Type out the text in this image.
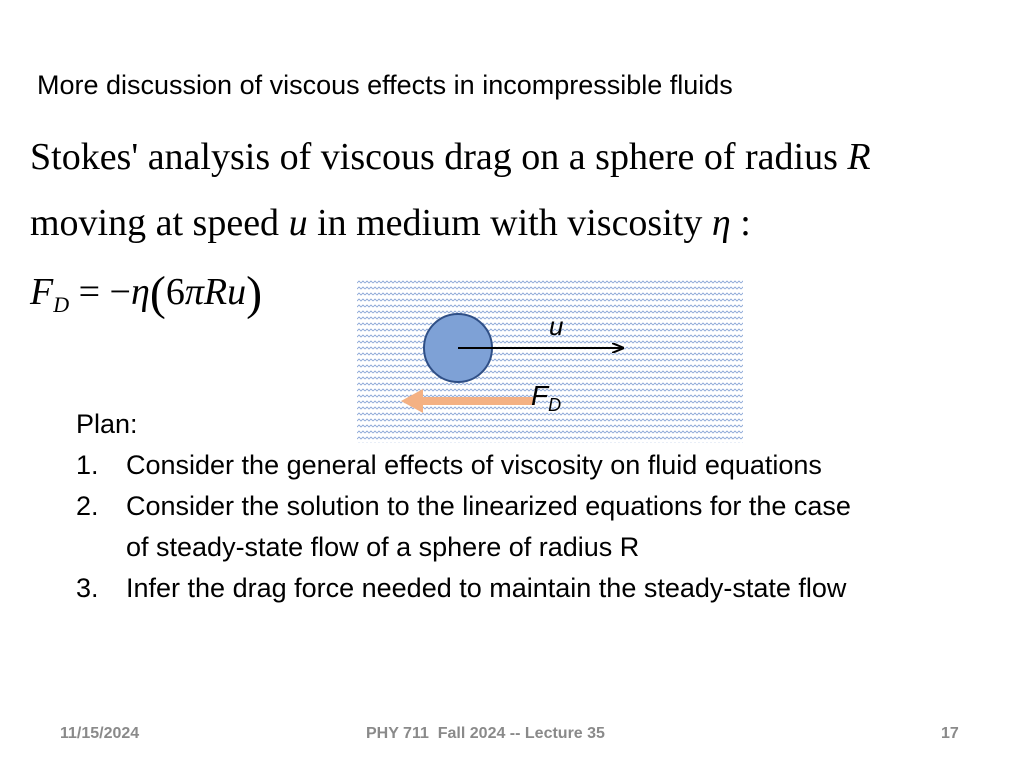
More discussion of viscous effects in incompressible fluids
Stokes' analysis of viscous drag on a sphere of radius R
moving at speed u in medium with viscosity η :
$F_D = -\eta(6\pi Ru)$
u
$F_D$
Plan:
1.	Consider the general effects of viscosity on fluid equations
2.	Consider the solution to the linearized equations for the case of steady-state flow of a sphere of radius R
3.	Infer the drag force needed to maintain the steady-state flow
11/15/2024	PHY 711  Fall 2024 -- Lecture 35	17
